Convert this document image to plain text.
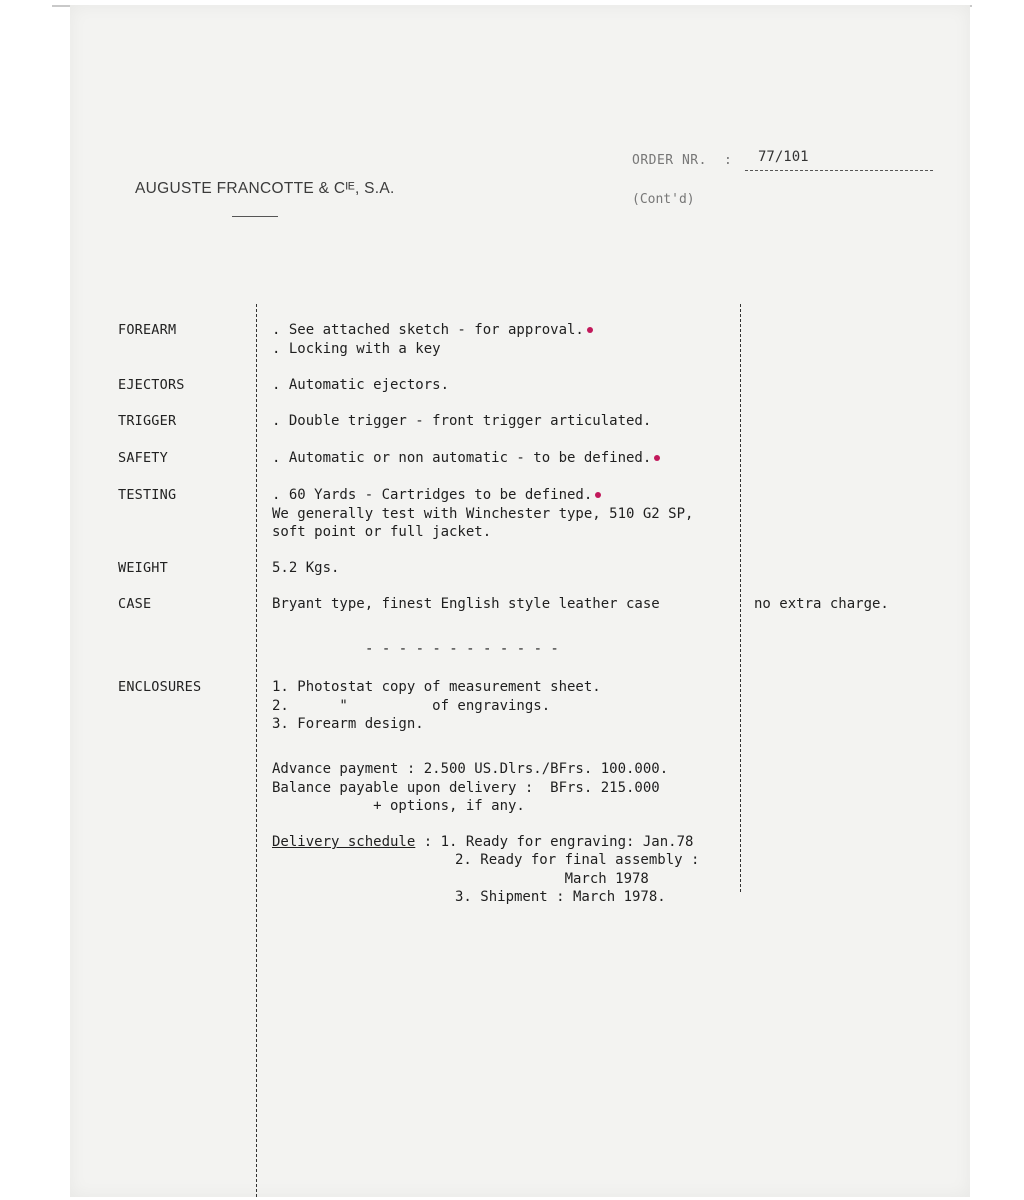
AUGUSTE FRANCOTTE & Cᴵᴱ, S.A.
ORDER NR. : 77/101
(Cont'd)
FOREARM	. See attached sketch - for approval.
. Locking with a key
EJECTORS	. Automatic ejectors.
TRIGGER	. Double trigger - front trigger articulated.
SAFETY	. Automatic or non automatic - to be defined.
TESTING	. 60 Yards - Cartridges to be defined.
We generally test with Winchester type, 510 G2 SP,
soft point or full jacket.
WEIGHT	5.2 Kgs.
CASE	Bryant type, finest English style leather case	no extra charge.
- - - - - - - - - - - -
ENCLOSURES	1. Photostat copy of measurement sheet.
2.      "          of engravings.
3. Forearm design.
Advance payment : 2.500 US.Dlrs./BFrs. 100.000.
Balance payable upon delivery :  BFrs. 215.000
+ options, if any.
Delivery schedule : 1. Ready for engraving: Jan.78
2. Ready for final assembly :
March 1978
3. Shipment : March 1978.
